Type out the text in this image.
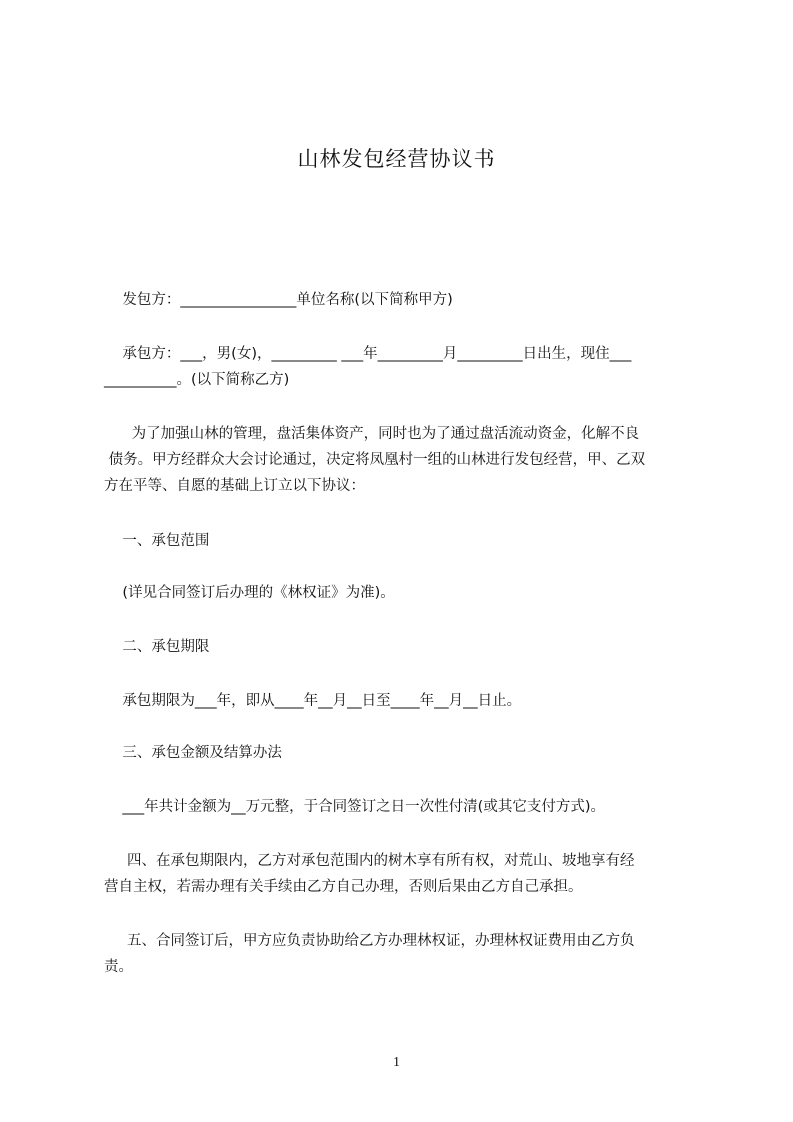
山林发包经营协议书

发包方：________________单位名称(以下简称甲方)

承包方：___，男(女)，_________ ___年_________月_________日出生，现住___
__________。(以下简称乙方)
为了加强山林的管理，盘活集体资产，同时也为了通过盘活流动资金，化解不良
债务。甲方经群众大会讨论通过，决定将凤凰村一组的山林进行发包经营，甲、乙双
方在平等、自愿的基础上订立以下协议：

一、承包范围

(详见合同签订后办理的《林权证》为准)。

二、承包期限

承包期限为___年，即从____年__月__日至____年__月__日止。

三、承包金额及结算办法

___年共计金额为__万元整，于合同签订之日一次性付清(或其它支付方式)。

四、在承包期限内，乙方对承包范围内的树木享有所有权，对荒山、坡地享有经
营自主权，若需办理有关手续由乙方自己办理，否则后果由乙方自己承担。
五、合同签订后，甲方应负责协助给乙方办理林权证，办理林权证费用由乙方负
责。
1
